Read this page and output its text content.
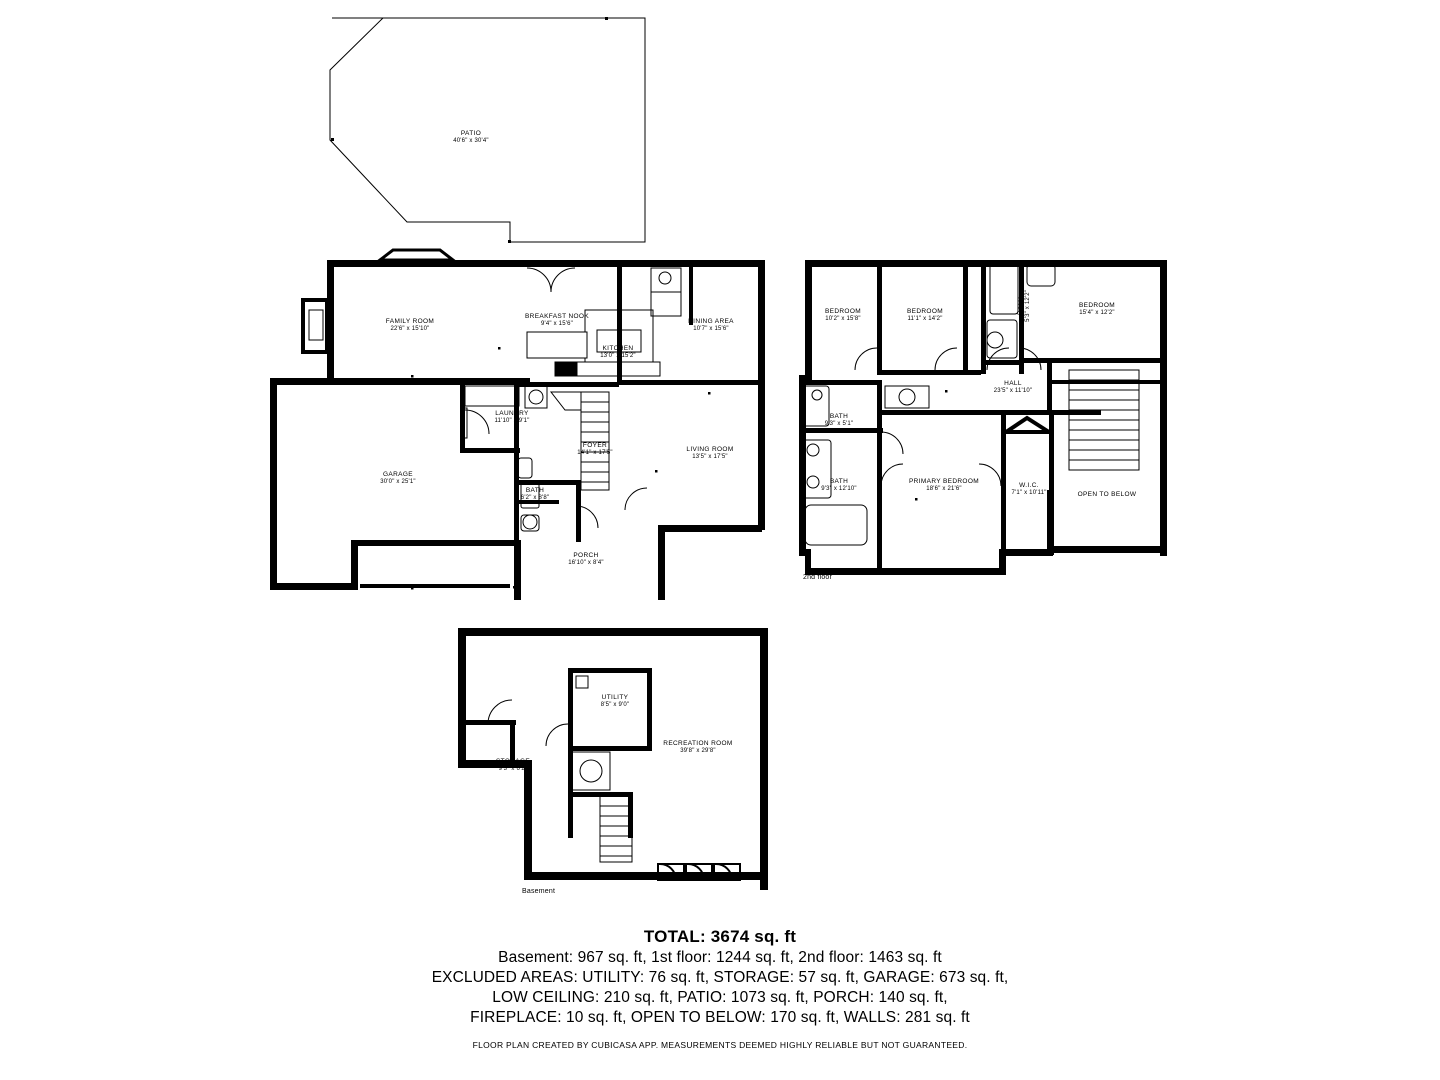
PATIO
40'6" x 30'4"
FAMILY ROOM
22'6" x 15'10"
BREAKFAST NOOK
9'4" x 15'6"
KITCHEN
13'0" x 15'2"
DINING AREA
10'7" x 15'6"
LAUNDRY
11'10" x 9'1"
FOYER
14'1" x 17'5"
LIVING ROOM
13'5" x 17'5"
GARAGE
30'0" x 25'1"
BATH
6'2" x 8'8"
PORCH
16'10" x 8'4"
1st floor
BEDROOM
10'2" x 15'8"
BEDROOM
11'1" x 14'2"
BEDROOM
15'4" x 12'2"
BATH 5'3" x 12'2"
HALL
23'5" x 11'10"
BATH
9'3" x 5'1"
BATH
9'3" x 12'10"
PRIMARY BEDROOM
18'6" x 21'6"
W.I.C.
7'1" x 10'11"	OPEN TO BELOW
2nd floor
UTILITY
8'5" x 9'0"
STORAGE
9'3" x 6'2"
RECREATION ROOM
39'8" x 29'8"
Basement
TOTAL: 3674 sq. ft
Basement: 967 sq. ft, 1st floor: 1244 sq. ft, 2nd floor: 1463 sq. ft
EXCLUDED AREAS: UTILITY: 76 sq. ft, STORAGE: 57 sq. ft, GARAGE: 673 sq. ft,
LOW CEILING: 210 sq. ft, PATIO: 1073 sq. ft, PORCH: 140 sq. ft,
FIREPLACE: 10 sq. ft, OPEN TO BELOW: 170 sq. ft, WALLS: 281 sq. ft
FLOOR PLAN CREATED BY CUBICASA APP. MEASUREMENTS DEEMED HIGHLY RELIABLE BUT NOT GUARANTEED.
